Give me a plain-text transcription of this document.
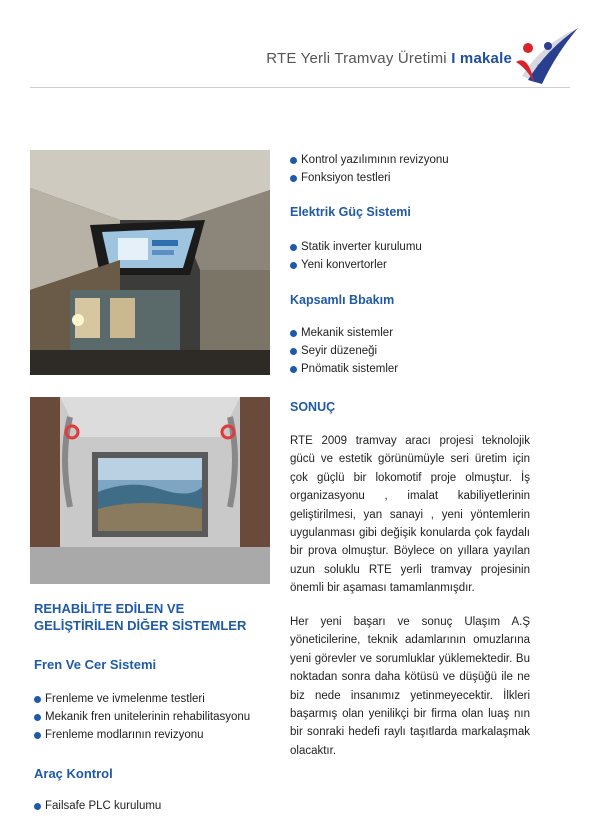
RTE Yerli Tramvay Üretimi I makale
REHABİLİTE EDİLEN VE GELİŞTİRİLEN DİĞER SİSTEMLER
Fren Ve Cer Sistemi
Frenleme ve ivmelenme testleri
Mekanik fren unitelerinin rehabilitasyonu
Frenleme modlarının revizyonu
Araç Kontrol
Failsafe PLC kurulumu
Kontrol yazılımının revizyonu
Fonksiyon testleri
Elektrik Güç Sistemi
Statik inverter kurulumu
Yeni konvertorler
Kapsamlı Bbakım
Mekanik sistemler
Seyir düzeneği
Pnömatik sistemler
SONUÇ

RTE 2009 tramvay aracı projesi teknolojik gücü ve estetik görünümüyle seri üretim için çok güçlü bir lokomotif proje olmuştur. İş organizasyonu , imalat kabiliyetlerinin geliştirilmesi, yan sanayi , yeni yöntemlerin uygulanması gibi değişik konularda çok faydalı bir prova olmuştur. Böylece on yıllara yayılan uzun soluklu RTE yerli tramvay projesinin önemli bir aşaması tamamlanmışdır.

Her yeni başarı ve sonuç Ulaşım A.Ş yöneticilerine, teknik adamlarının omuzlarına yeni görevler ve sorumluklar yüklemektedir. Bu noktadan sonra daha kötüsü ve düşüğü ile ne biz nede insanımız yetinmeyecektir. İlkleri başarmış olan yenilikçi bir firma olan luaş nın bir sonraki hedefi raylı taşıtlarda markalaşmak olacaktır.
